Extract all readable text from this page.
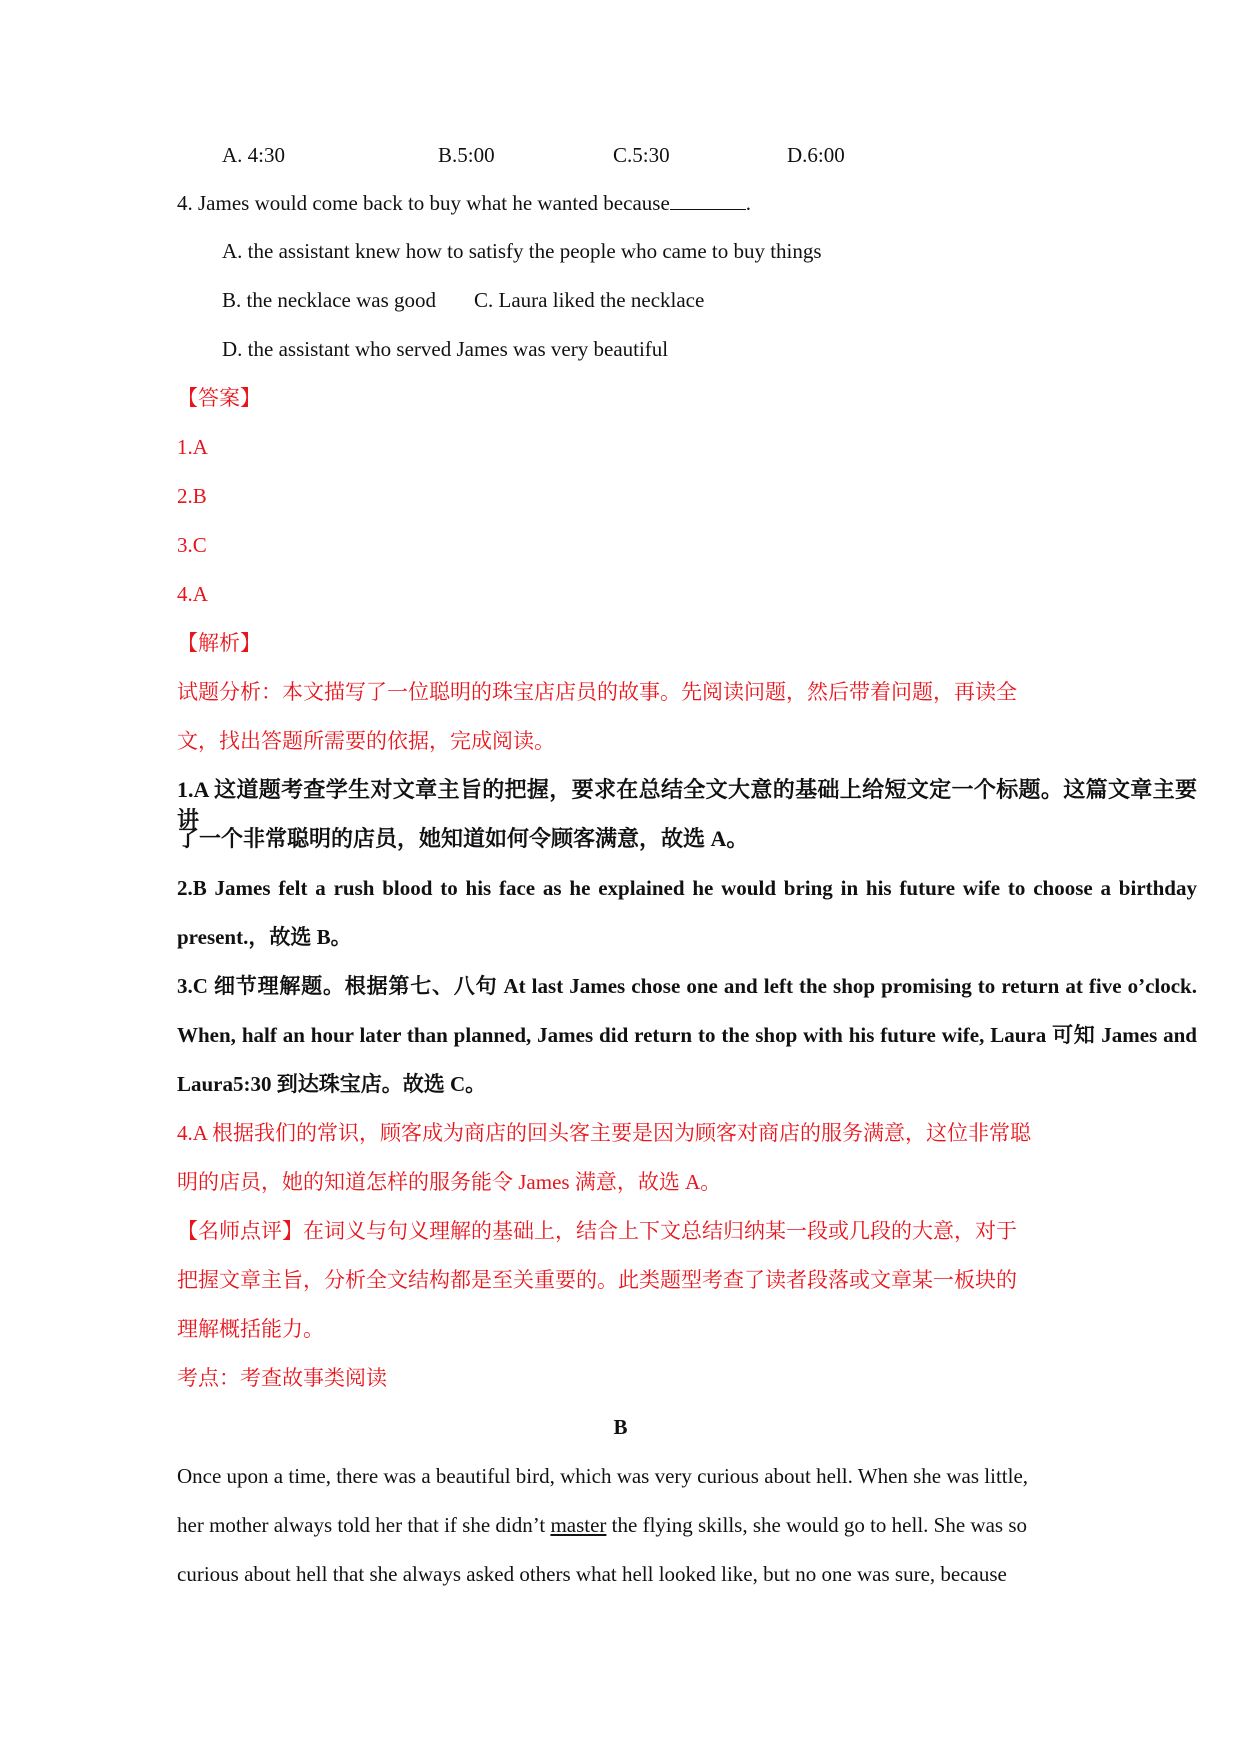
A. 4:30	B.5:00	C.5:30	D.6:00
4. James would come back to buy what he wanted because	.
A. the assistant knew how to satisfy the people who came to buy things
B. the necklace was good C. Laura liked the necklace
D. the assistant who served James was very beautiful
【答案】
1.A
2.B
3.C
4.A
【解析】
试题分析：本文描写了一位聪明的珠宝店店员的故事。先阅读问题，然后带着问题，再读全
文，找出答题所需要的依据，完成阅读。
1.A 这道题考查学生对文章主旨的把握，要求在总结全文大意的基础上给短文定一个标题。这篇文章主要讲
了一个非常聪明的店员，她知道如何令顾客满意，故选 A。
2.B James felt a rush blood to his face as he explained he would bring in his future wife to choose a birthday
present.，故选 B。
3.C 细节理解题。根据第七、八句 At last James chose one and left the shop promising to return at five o’clock.
When, half an hour later than planned, James did return to the shop with his future wife, Laura 可知 James and
Laura5:30 到达珠宝店。故选 C。
4.A 根据我们的常识，顾客成为商店的回头客主要是因为顾客对商店的服务满意，这位非常聪
明的店员，她的知道怎样的服务能令 James 满意，故选 A。
【名师点评】在词义与句义理解的基础上，结合上下文总结归纳某一段或几段的大意，对于
把握文章主旨，分析全文结构都是至关重要的。此类题型考查了读者段落或文章某一板块的
理解概括能力。
考点：考查故事类阅读
B
Once upon a time, there was a beautiful bird, which was very curious about hell. When she was little,
her mother always told her that if she didn’t master the flying skills, she would go to hell. She was so
curious about hell that she always asked others what hell looked like, but no one was sure, because
